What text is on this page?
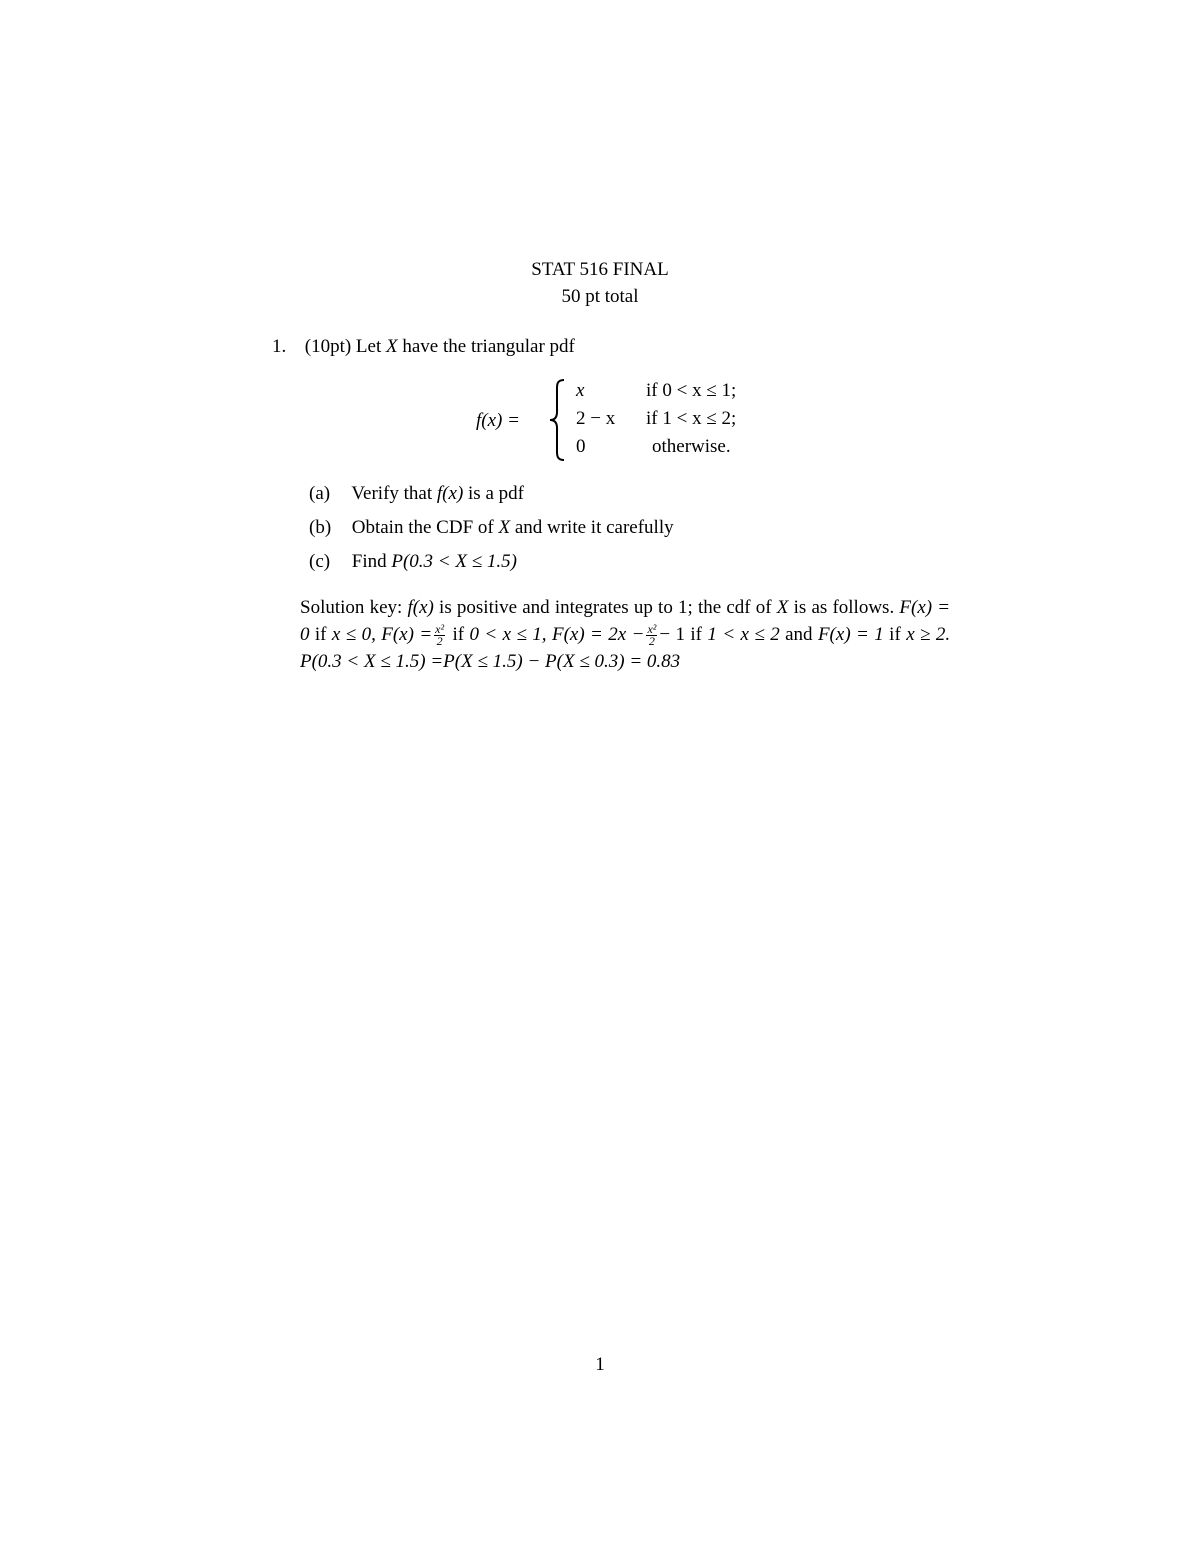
STAT 516 FINAL
50 pt total
1. (10pt) Let X have the triangular pdf
f(x) =
x	if 0 < x ≤ 1;
2 − x if 1 < x ≤ 2;
0	otherwise.
(a) Verify that f(x) is a pdf
(b) Obtain the CDF of X and write it carefully
(c) Find P(0.3 < X ≤ 1.5)
Solution key: f(x) is positive and integrates up to 1; the cdf of X is as follows. F(x) = 0 if x ≤ 0, $F(x) = \frac{\text{x²}}{2}$ if 0 < x ≤ 1, $F(x) = 2x - \frac{\text{x²}}{2} - 1$ if 1 < x ≤ 2 and F(x) = 1 if x ≥ 2. P(0.3 < X ≤ 1.5) =P(X ≤ 1.5) − P(X ≤ 0.3) = 0.83
1
